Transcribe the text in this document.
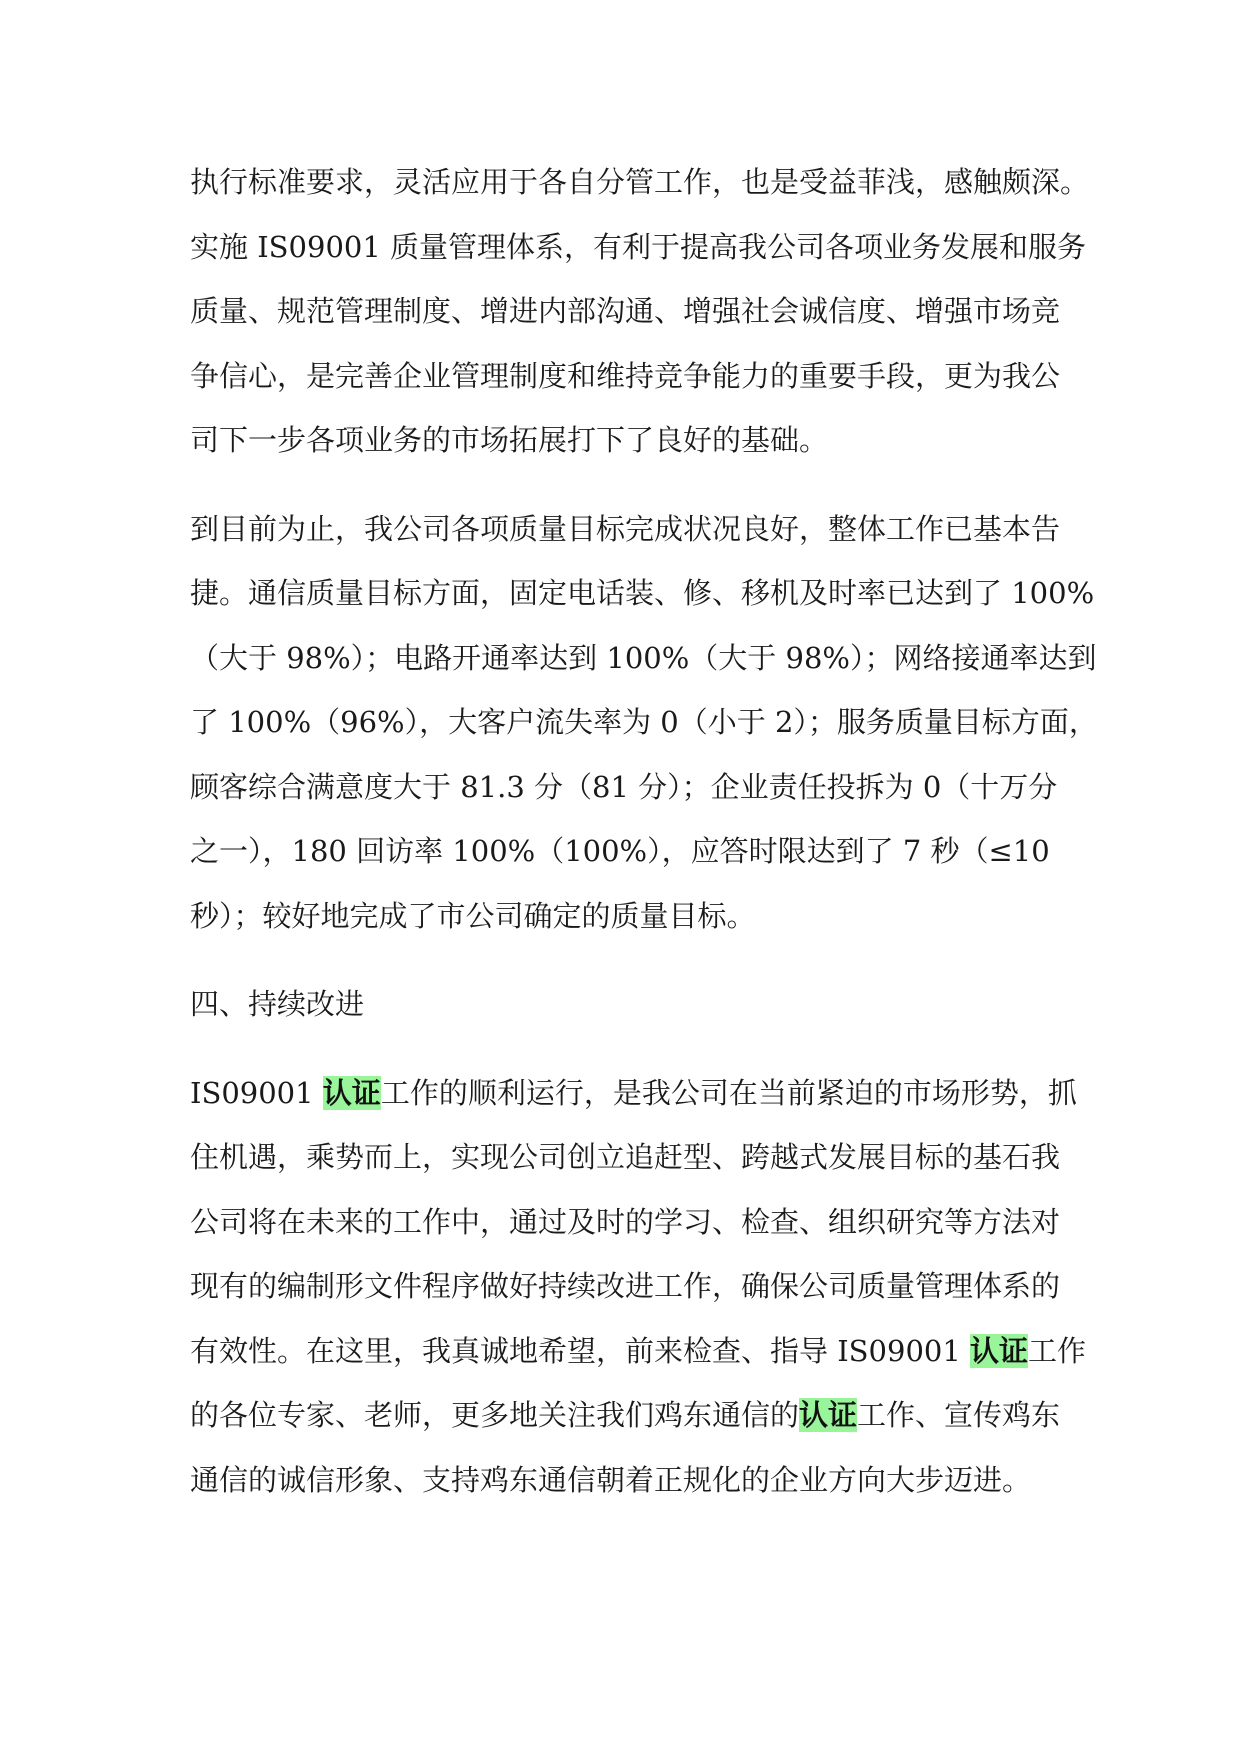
执行标准要求，灵活应用于各自分管工作，也是受益菲浅，感触颇深。
实施 IS09001 质量管理体系，有利于提高我公司各项业务发展和服务
质量、规范管理制度、增进内部沟通、增强社会诚信度、增强市场竞
争信心，是完善企业管理制度和维持竞争能力的重要手段，更为我公
司下一步各项业务的市场拓展打下了良好的基础。

到目前为止，我公司各项质量目标完成状况良好，整体工作已基本告
捷。通信质量目标方面，固定电话装、修、移机及时率已达到了 100%
（大于 98%）；电路开通率达到 100%（大于 98%）；网络接通率达到
了 100%（96%），大客户流失率为 0（小于 2）；服务质量目标方面，
顾客综合满意度大于 81.3 分（81 分）；企业责任投拆为 0（十万分
之一），180 回访率 100%（100%），应答时限达到了 7 秒（≤10
秒）；较好地完成了市公司确定的质量目标。

四、持续改进

IS09001 认证工作的顺利运行，是我公司在当前紧迫的市场形势，抓
住机遇，乘势而上，实现公司创立追赶型、跨越式发展目标的基石我
公司将在未来的工作中，通过及时的学习、检查、组织研究等方法对
现有的编制形文件程序做好持续改进工作，确保公司质量管理体系的
有效性。在这里，我真诚地希望，前来检查、指导 IS09001 认证工作
的各位专家、老师，更多地关注我们鸡东通信的认证工作、宣传鸡东
通信的诚信形象、支持鸡东通信朝着正规化的企业方向大步迈进。
